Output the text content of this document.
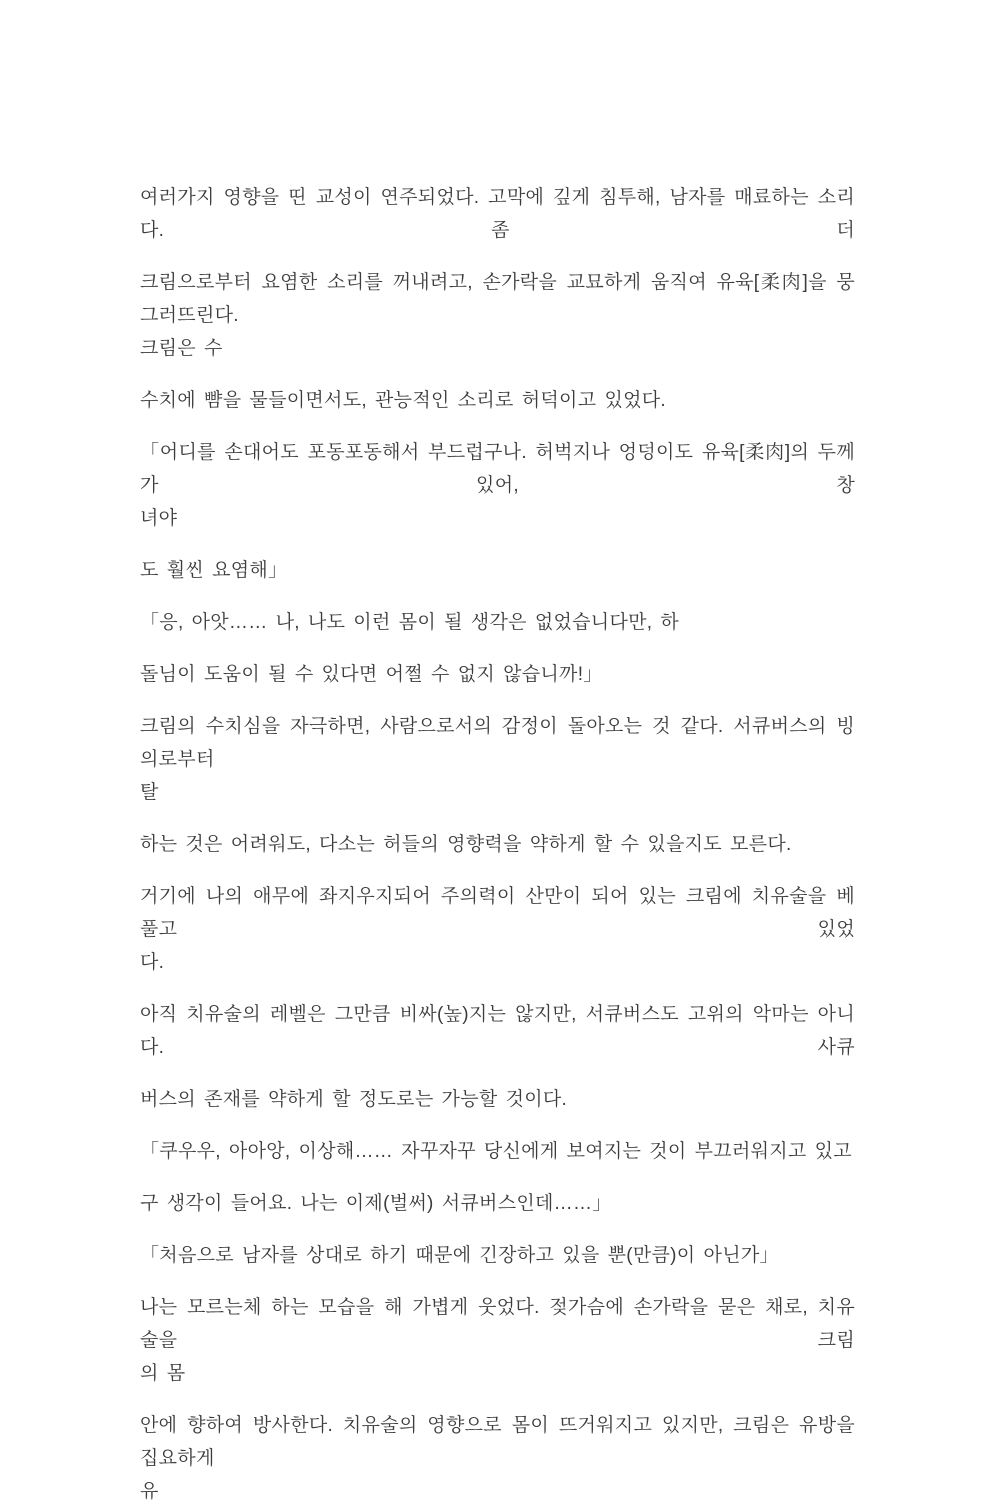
여러가지 영향을 띤 교성이 연주되었다. 고막에 깊게 침투해, 남자를 매료하는 소리다. 좀 더

크림으로부터 요염한 소리를 꺼내려고, 손가락을 교묘하게 움직여 유육[柔肉]을 뭉그러뜨린다.
크림은 수

수치에 뺨을 물들이면서도, 관능적인 소리로 허덕이고 있었다.

「어디를 손대어도 포동포동해서 부드럽구나. 허벅지나 엉덩이도 유육[柔肉]의 두께가 있어, 창
녀야

도 훨씬 요염해」

「응, 아앗…… 나, 나도 이런 몸이 될 생각은 없었습니다만, 하

돌님이 도움이 될 수 있다면 어쩔 수 없지 않습니까!」

크림의 수치심을 자극하면, 사람으로서의 감정이 돌아오는 것 같다. 서큐버스의 빙의로부터
탈

하는 것은 어려워도, 다소는 허들의 영향력을 약하게 할 수 있을지도 모른다.

거기에 나의 애무에 좌지우지되어 주의력이 산만이 되어 있는 크림에 치유술을 베풀고 있었
다.

아직 치유술의 레벨은 그만큼 비싸(높)지는 않지만, 서큐버스도 고위의 악마는 아니다. 사큐

버스의 존재를 약하게 할 정도로는 가능할 것이다.

「쿠우우, 아아앙, 이상해…… 자꾸자꾸 당신에게 보여지는 것이 부끄러워지고 있고

구 생각이 들어요. 나는 이제(벌써) 서큐버스인데……」

「처음으로 남자를 상대로 하기 때문에 긴장하고 있을 뿐(만큼)이 아닌가」

나는 모르는체 하는 모습을 해 가볍게 웃었다. 젖가슴에 손가락을 묻은 채로, 치유술을 크림
의 몸

안에 향하여 방사한다. 치유술의 영향으로 몸이 뜨거워지고 있지만, 크림은 유방을 집요하게
유
